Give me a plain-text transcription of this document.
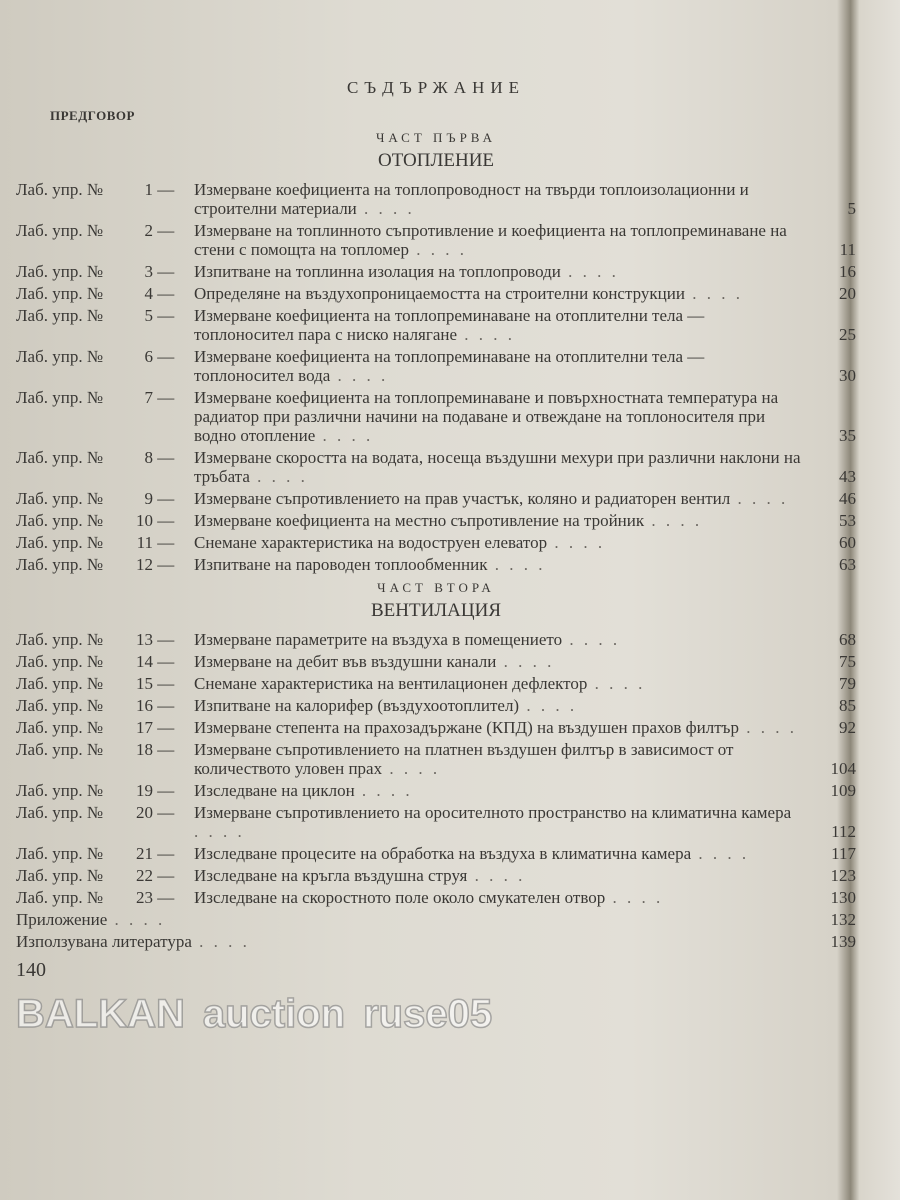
СЪДЪРЖАНИЕ
ПРЕДГОВОР
ЧАСТ ПЪРВА
ОТОПЛЕНИЕ
Лаб. упр. № 1 —	Измерване коефициента на топлопроводност на твърди топлоизолационни и строителни материали . . . .	5
Лаб. упр. № 2 —	Измерване на топлинното съпротивление и коефициента на топлопреминаване на стени с помощта на топломер . . . .	11
Лаб. упр. № 3 —	Изпитване на топлинна изолация на топлопроводи . . . .	16
Лаб. упр. № 4 —	Определяне на въздухопроницаемостта на строителни конструкции . . . .	20
Лаб. упр. № 5 —	Измерване коефициента на топлопреминаване на отоплителни тела — топлоносител пара с ниско налягане . . . .	25
Лаб. упр. № 6 —	Измерване коефициента на топлопреминаване на отоплителни тела — топлоносител вода . . . .	30
Лаб. упр. № 7 —	Измерване коефициента на топлопреминаване и повърхностната температура на радиатор при различни начини на подаване и отвеждане на топлоносителя при водно отопление . . . .	35
Лаб. упр. № 8 —	Измерване скоростта на водата, носеща въздушни мехури при различни наклони на тръбата . . . .	43
Лаб. упр. № 9 —	Измерване съпротивлението на прав участък, коляно и радиаторен вентил . . . .	46
Лаб. упр. № 10 —	Измерване коефициента на местно съпротивление на тройник . . . .	53
Лаб. упр. № 11 —	Снемане характеристика на водоструен елеватор . . . .	60
Лаб. упр. № 12 —	Изпитване на пароводен топлообменник . . . .	63
ЧАСТ ВТОРА
ВЕНТИЛАЦИЯ
Лаб. упр. № 13 —	Измерване параметрите на въздуха в помещението . . . .	68
Лаб. упр. № 14 —	Измерване на дебит във въздушни канали . . . .	75
Лаб. упр. № 15 —	Снемане характеристика на вентилационен дефлектор . . . .	79
Лаб. упр. № 16 —	Изпитване на калорифер (въздухоотоплител) . . . .	85
Лаб. упр. № 17 —	Измерване степента на прахозадържане (КПД) на въздушен прахов филтър . . . .	92
Лаб. упр. № 18 —	Измерване съпротивлението на платнен въздушен филтър в зависимост от количеството уловен прах . . . .	104
Лаб. упр. № 19 —	Изследване на циклон . . . .	109
Лаб. упр. № 20 —	Измерване съпротивлението на оросителното пространство на климатична камера . . . .	112
Лаб. упр. № 21 —	Изследване процесите на обработка на въздуха в климатична камера . . . .	117
Лаб. упр. № 22 —	Изследване на кръгла въздушна струя . . . .	123
Лаб. упр. № 23 —	Изследване на скоростното поле около смукателен отвор . . . .	130
Приложение . . . .	132
Използувана литература . . . .	139
140
BALKAN auction ruse05
